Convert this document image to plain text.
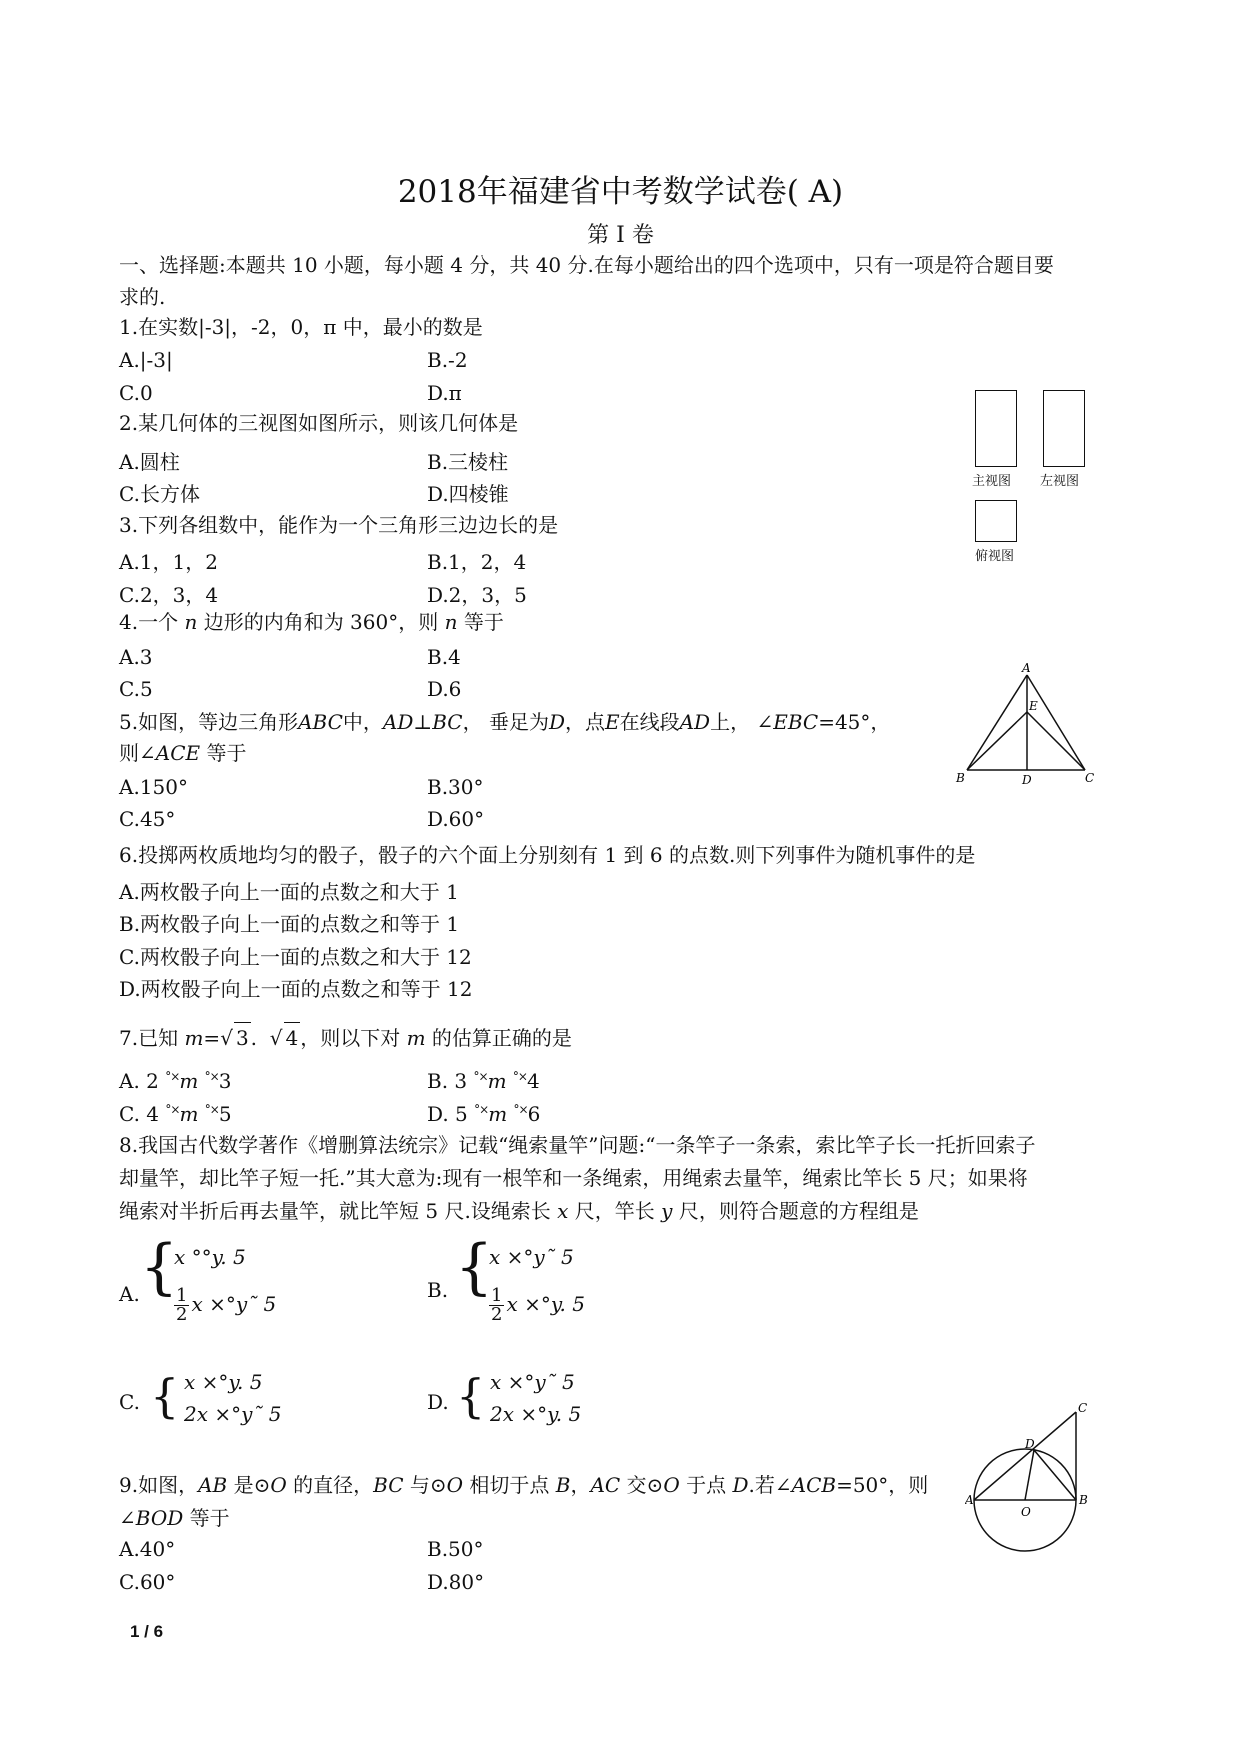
2018年福建省中考数学试卷( A)
第 I 卷
一、选择题:本题共 10 小题，每小题 4 分，共 40 分.在每小题给出的四个选项中，只有一项是符合题目要
求的.
1.在实数|-3|，-2，0，π 中，最小的数是
A.|-3|	B.-2
C.0	D.π
2.某几何体的三视图如图所示，则该几何体是
A.圆柱	B.三棱柱
C.长方体	D.四棱锥
主视图 左视图
俯视图
3.下列各组数中，能作为一个三角形三边边长的是
A.1，1，2	B.1，2，4
C.2，3，4	D.2，3，5
4.一个 n 边形的内角和为 360°，则 n 等于
A.3	B.4
C.5	D.6
5.如图，等边三角形ABC中，AD⊥BC， 垂足为D，点E在线段AD上， ∠EBC=45°，
则∠ACE 等于
A.150°	B.30°
C.45°	D.60°
A
E
B	D	C
6.投掷两枚质地均匀的骰子，骰子的六个面上分别刻有 1 到 6 的点数.则下列事件为随机事件的是
A.两枚骰子向上一面的点数之和大于 1
B.两枚骰子向上一面的点数之和等于 1
C.两枚骰子向上一面的点数之和大于 12
D.两枚骰子向上一面的点数之和等于 12
7.已知 m=√ 3 .  √ 4 ，则以下对 m 的估算正确的是
A. 2 °×m °×3	B. 3 °×m °×4
C. 4 °×m °×5	D. 5 °×m °×6
8.我国古代数学著作《增删算法统宗》记载“绳索量竿”问题:“一条竿子一条索，索比竿子长一托折回索子
却量竿，却比竿子短一托.”其大意为:现有一根竿和一条绳索，用绳索去量竿，绳索比竿长 5 尺；如果将
绳索对半折后再去量竿，就比竿短 5 尺.设绳索长 x 尺，竿长 y 尺，则符合题意的方程组是
A. {
x °°y. 5
$\frac{1}{2}$ x ×°y˜ 5
B. {
x ×°y˜ 5
$\frac{1}{2}$ x ×°y. 5
C. { x ×°y. 5
2x ×°y˜ 5	D. { x ×°y˜ 5
2x ×°y. 5
9.如图，AB 是⊙O 的直径，BC 与⊙O 相切于点 B，AC 交⊙O 于点 D.若∠ACB=50°，则
∠BOD 等于
A.40°	B.50°
C.60°	D.80°
C
D
A	B
O
1 / 6
